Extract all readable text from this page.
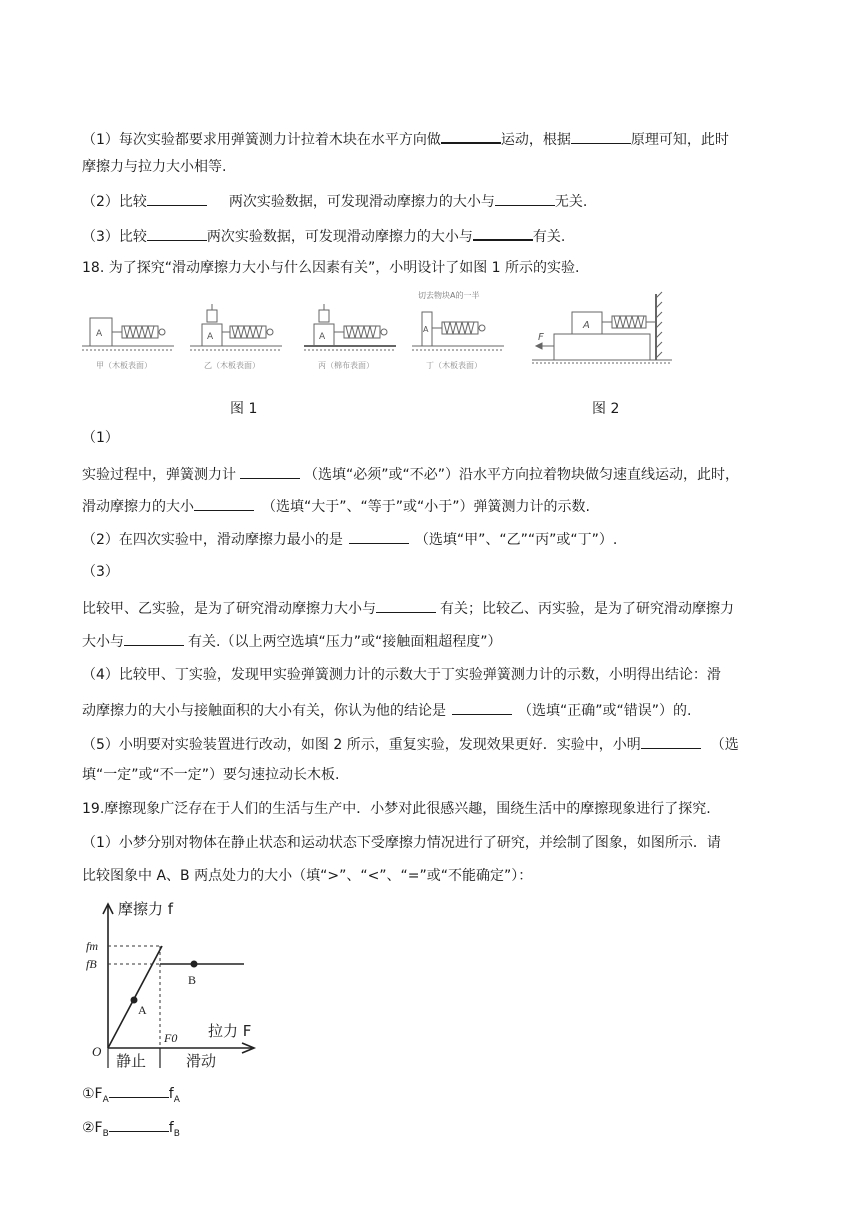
（1）每次实验都要求用弹簧测力计拉着木块在水平方向做	运动，根据	原理可知，此时
摩擦力与拉力大小相等.
（2）比较	两次实验数据，可发现滑动摩擦力的大小与	无关.
（3）比较	两次实验数据，可发现滑动摩擦力的大小与	有关.
18. 为了探究“滑动摩擦力大小与什么因素有关”，小明设计了如图 1 所示的实验.
A
甲（木板表面）
A
乙（木板表面）
A
丙（棉布表面）
切去物块A的一半
A
丁（木板表面）
A
F
图 1	图 2
（1）
实验过程中，弹簧测力计	（选填“必须”或“不必”）沿水平方向拉着物块做匀速直线运动，此时，
滑动摩擦力的大小	（选填“大于”、“等于”或“小于”）弹簧测力计的示数.
（2）在四次实验中，滑动摩擦力最小的是	（选填“甲”、“乙”“丙”或“丁”）.
（3）
比较甲、乙实验，是为了研究滑动摩擦力大小与	有关；比较乙、丙实验，是为了研究滑动摩擦力
大小与	有关.（以上两空选填“压力”或“接触面粗超程度”）
（4）比较甲、丁实验，发现甲实验弹簧测力计的示数大于丁实验弹簧测力计的示数，小明得出结论：滑
动摩擦力的大小与接触面积的大小有关，你认为他的结论是	（选填“正确”或“错误”）的.
（5）小明要对实验装置进行改动，如图 2 所示，重复实验，发现效果更好．实验中，小明	（选
填“一定”或“不一定”）要匀速拉动长木板.
19.摩擦现象广泛存在于人们的生活与生产中．小梦对此很感兴趣，围绕生活中的摩擦现象进行了探究.
（1）小梦分别对物体在静止状态和运动状态下受摩擦力情况进行了研究，并绘制了图象，如图所示．请
比较图象中 A、B 两点处力的大小（填“>”、“<”、“=”或“不能确定”）：
摩擦力 f
fm
fB
F0
O
A
B
拉力 F
静止	滑动
$①F_A$	$f_A$
$②F_B$	$f_B$
